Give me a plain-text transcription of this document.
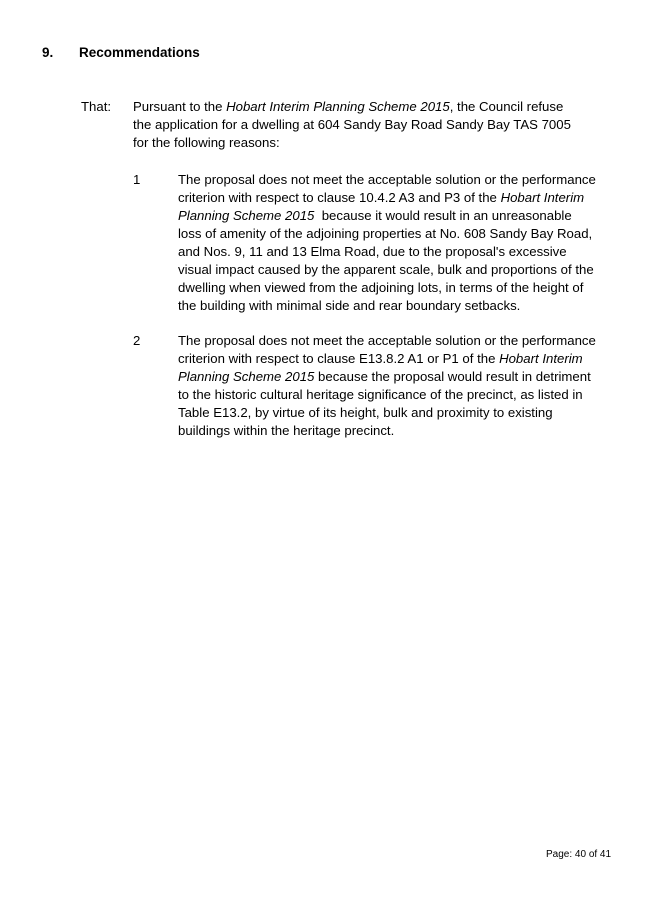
9. Recommendations
That: Pursuant to the Hobart Interim Planning Scheme 2015, the Council refuse the application for a dwelling at 604 Sandy Bay Road Sandy Bay TAS 7005 for the following reasons:
1	The proposal does not meet the acceptable solution or the performance criterion with respect to clause 10.4.2 A3 and P3 of the Hobart Interim Planning Scheme 2015  because it would result in an unreasonable loss of amenity of the adjoining properties at No. 608 Sandy Bay Road, and Nos. 9, 11 and 13 Elma Road, due to the proposal's excessive visual impact caused by the apparent scale, bulk and proportions of the dwelling when viewed from the adjoining lots, in terms of the height of the building with minimal side and rear boundary setbacks.
2	The proposal does not meet the acceptable solution or the performance criterion with respect to clause E13.8.2 A1 or P1 of the Hobart Interim Planning Scheme 2015 because the proposal would result in detriment to the historic cultural heritage significance of the precinct, as listed in Table E13.2, by virtue of its height, bulk and proximity to existing buildings within the heritage precinct.
Page: 40 of 41
